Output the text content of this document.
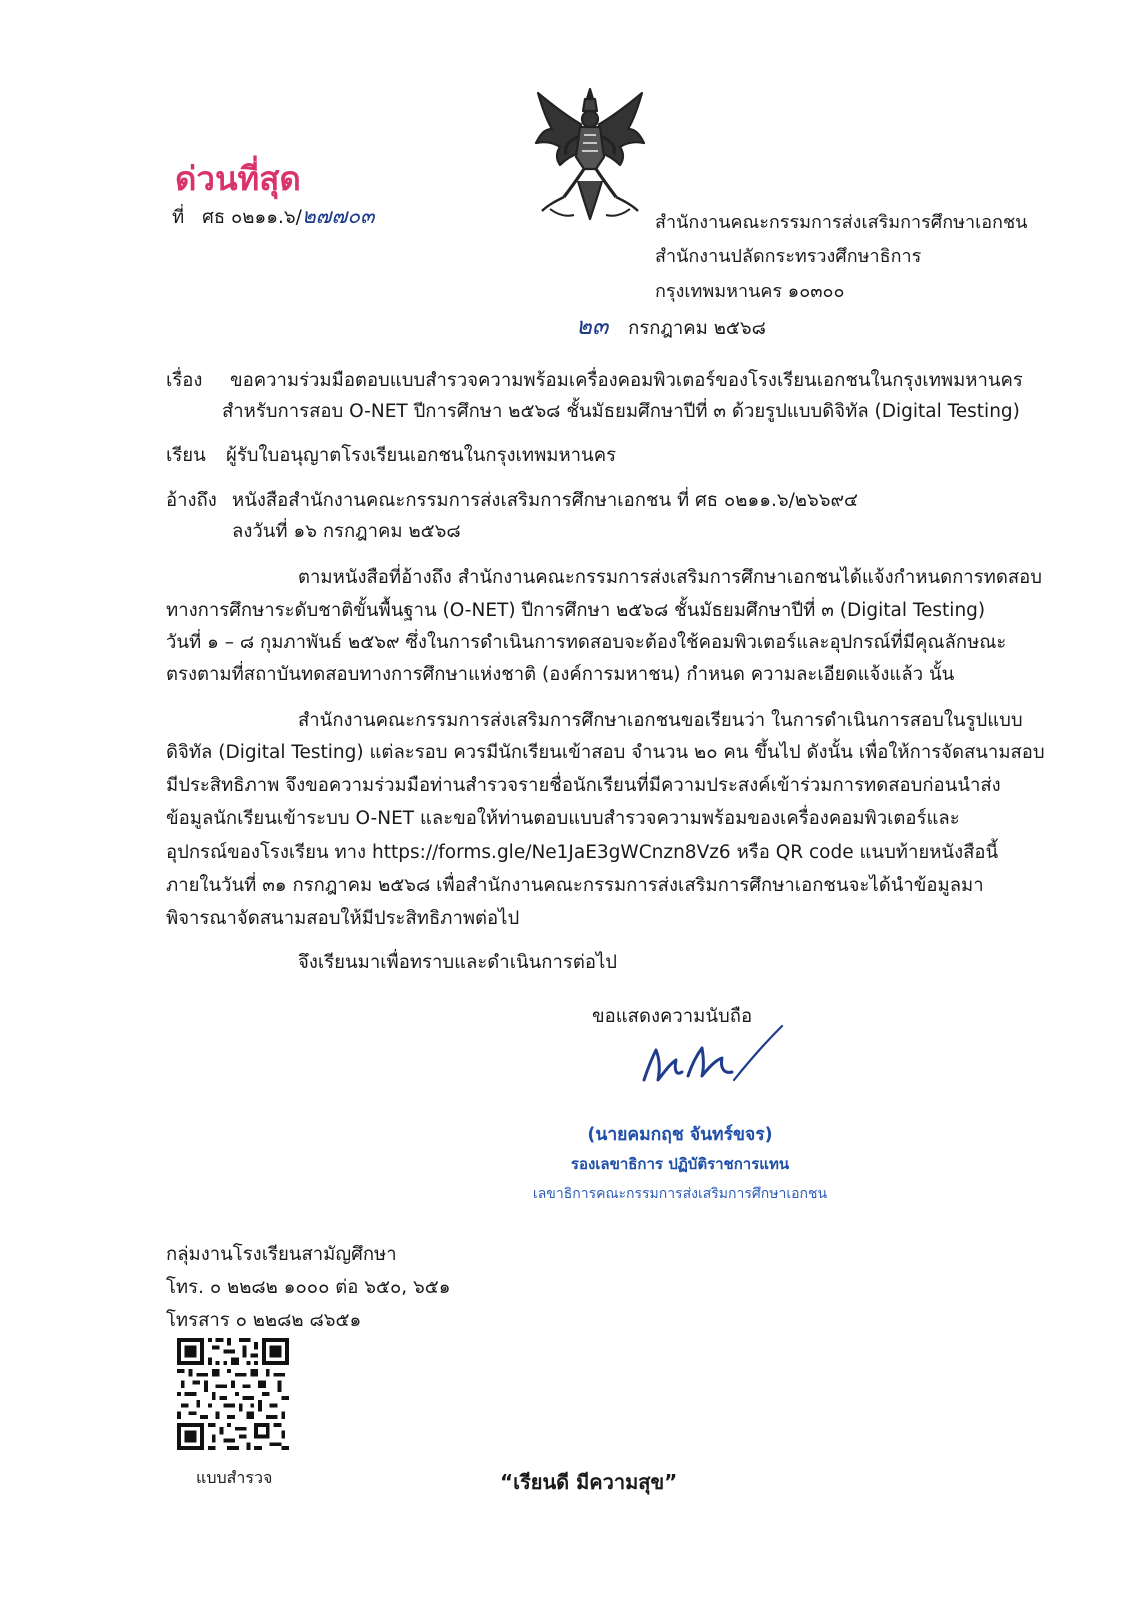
ด่วนที่สุด
ที่ ศธ ๐๒๑๑.๖/๒๗๗๐๓	สำนักงานคณะกรรมการส่งเสริมการศึกษาเอกชน
สำนักงานปลัดกระทรวงศึกษาธิการ
กรุงเทพมหานคร ๑๐๓๐๐
๒๓ กรกฎาคม ๒๕๖๘
เรื่อง ขอความร่วมมือตอบแบบสำรวจความพร้อมเครื่องคอมพิวเตอร์ของโรงเรียนเอกชนในกรุงเทพมหานคร
สำหรับการสอบ O-NET ปีการศึกษา ๒๕๖๘ ชั้นมัธยมศึกษาปีที่ ๓ ด้วยรูปแบบดิจิทัล (Digital Testing)
เรียน ผู้รับใบอนุญาตโรงเรียนเอกชนในกรุงเทพมหานคร
อ้างถึง หนังสือสำนักงานคณะกรรมการส่งเสริมการศึกษาเอกชน ที่ ศธ ๐๒๑๑.๖/๒๖๖๙๔
ลงวันที่ ๑๖ กรกฎาคม ๒๕๖๘
ตามหนังสือที่อ้างถึง สำนักงานคณะกรรมการส่งเสริมการศึกษาเอกชนได้แจ้งกำหนดการทดสอบ
ทางการศึกษาระดับชาติขั้นพื้นฐาน (O-NET) ปีการศึกษา ๒๕๖๘ ชั้นมัธยมศึกษาปีที่ ๓ (Digital Testing)
วันที่ ๑ – ๘ กุมภาพันธ์ ๒๕๖๙ ซึ่งในการดำเนินการทดสอบจะต้องใช้คอมพิวเตอร์และอุปกรณ์ที่มีคุณลักษณะ
ตรงตามที่สถาบันทดสอบทางการศึกษาแห่งชาติ (องค์การมหาชน) กำหนด ความละเอียดแจ้งแล้ว นั้น
สำนักงานคณะกรรมการส่งเสริมการศึกษาเอกชนขอเรียนว่า ในการดำเนินการสอบในรูปแบบ
ดิจิทัล (Digital Testing) แต่ละรอบ ควรมีนักเรียนเข้าสอบ จำนวน ๒๐ คน ขึ้นไป ดังนั้น เพื่อให้การจัดสนามสอบ
มีประสิทธิภาพ จึงขอความร่วมมือท่านสำรวจรายชื่อนักเรียนที่มีความประสงค์เข้าร่วมการทดสอบก่อนนำส่ง
ข้อมูลนักเรียนเข้าระบบ O-NET และขอให้ท่านตอบแบบสำรวจความพร้อมของเครื่องคอมพิวเตอร์และ
อุปกรณ์ของโรงเรียน ทาง https://forms.gle/Ne1JaE3gWCnzn8Vz6 หรือ QR code แนบท้ายหนังสือนี้
ภายในวันที่ ๓๑ กรกฎาคม ๒๕๖๘ เพื่อสำนักงานคณะกรรมการส่งเสริมการศึกษาเอกชนจะได้นำข้อมูลมา
พิจารณาจัดสนามสอบให้มีประสิทธิภาพต่อไป
จึงเรียนมาเพื่อทราบและดำเนินการต่อไป
ขอแสดงความนับถือ
(นายคมกฤช จันทร์ขจร)
รองเลขาธิการ ปฏิบัติราชการแทน
เลขาธิการคณะกรรมการส่งเสริมการศึกษาเอกชน
กลุ่มงานโรงเรียนสามัญศึกษา
โทร. ๐ ๒๒๘๒ ๑๐๐๐ ต่อ ๖๕๐, ๖๕๑
โทรสาร ๐ ๒๒๘๒ ๘๖๕๑
แบบสำรวจ	“เรียนดี มีความสุข”
